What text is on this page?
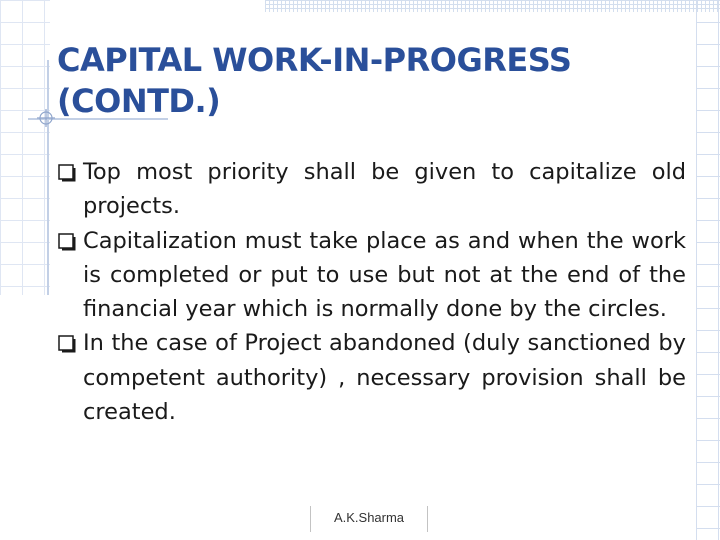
CAPITAL WORK-IN-PROGRESS (CONTD.)

Top most priority shall be given to capitalize old projects.

Capitalization must take place as and when the work is completed or put to use but not at the end of the financial year which is normally done by the circles.

In the case of Project abandoned (duly sanctioned by competent authority) , necessary provision shall be created.

A.K.Sharma
